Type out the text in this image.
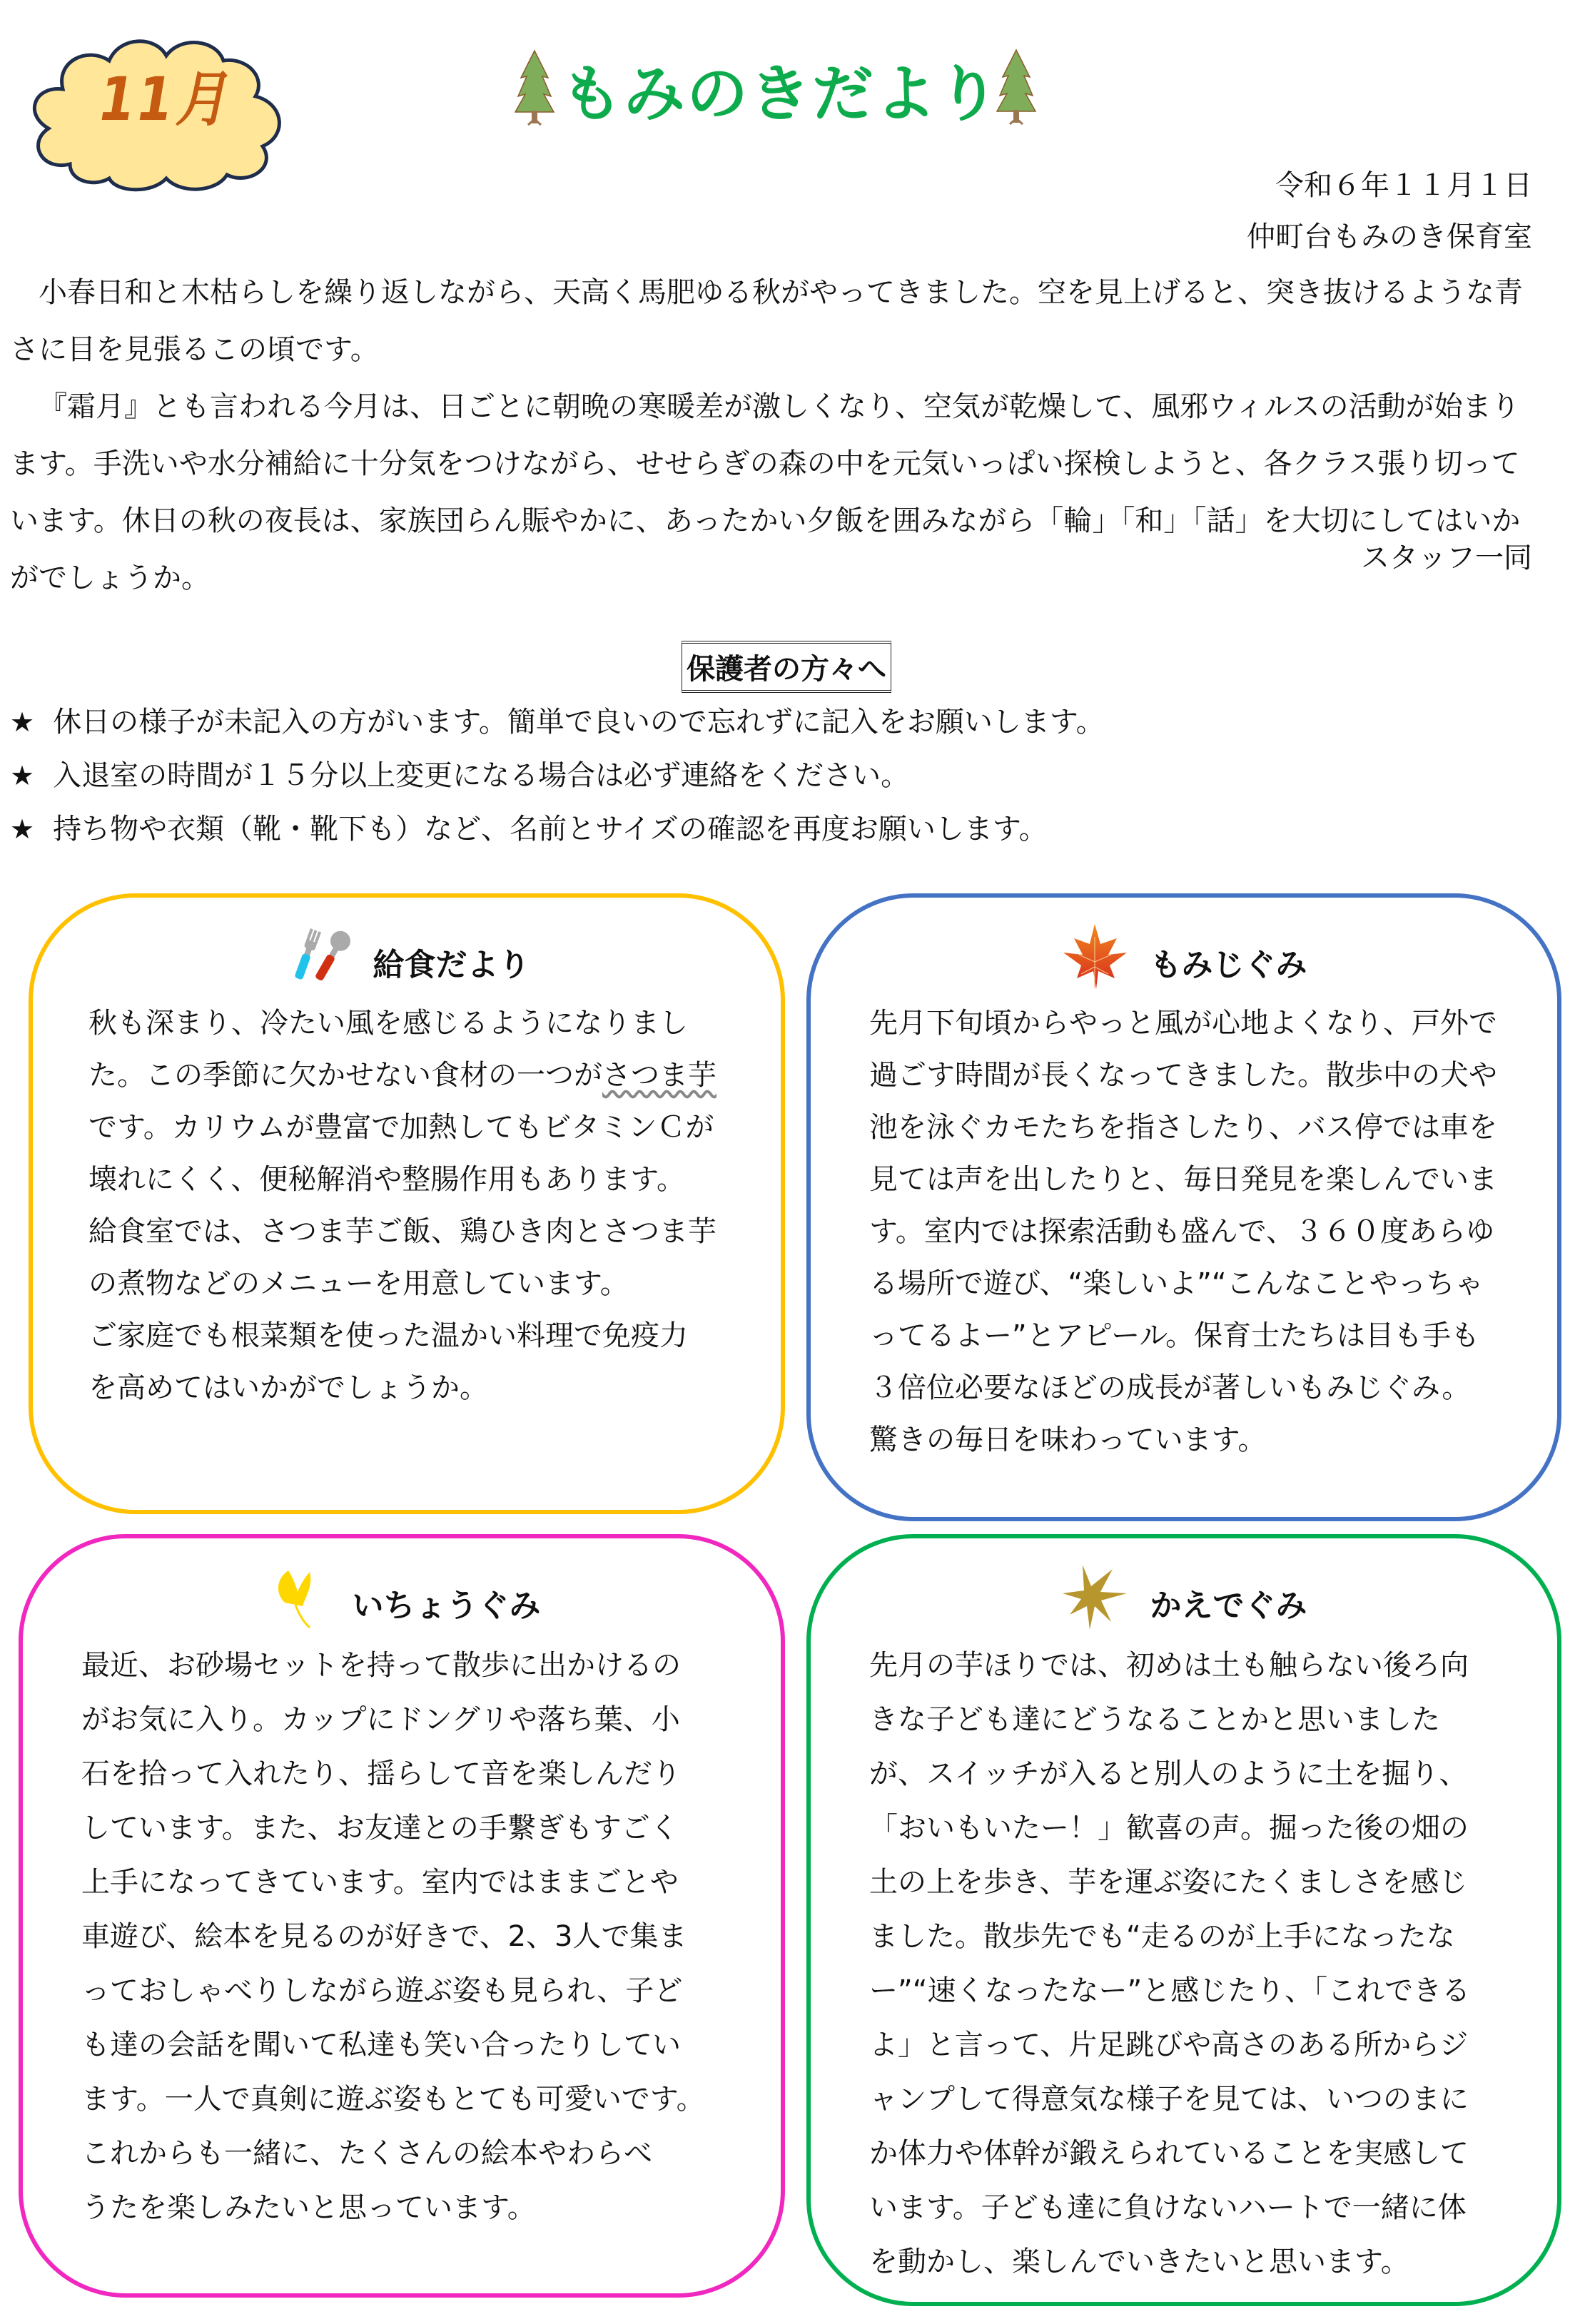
11月	もみのきだより
令和６年１１月１日
仲町台もみのき保育室

小春日和と木枯らしを繰り返しながら、天高く馬肥ゆる秋がやってきました。空を見上げると、突き抜けるような青さに目を見張るこの頃です。

『霜月』とも言われる今月は、日ごとに朝晩の寒暖差が激しくなり、空気が乾燥して、風邪ウィルスの活動が始まります。手洗いや水分補給に十分気をつけながら、せせらぎの森の中を元気いっぱい探検しようと、各クラス張り切っています。休日の秋の夜長は、家族団らん賑やかに、あったかい夕飯を囲みながら「輪」「和」「話」を大切にしてはいかがでしょうか。

スタッフ一同
保護者の方々へ
★ 休日の様子が未記入の方がいます。簡単で良いので忘れずに記入をお願いします。
★ 入退室の時間が１５分以上変更になる場合は必ず連絡をください。
★ 持ち物や衣類（靴・靴下も）など、名前とサイズの確認を再度お願いします。
給食だより
秋も深まり、冷たい風を感じるようになりまし
た。この季節に欠かせない食材の一つがさつま芋
です。カリウムが豊富で加熱してもビタミンＣが
壊れにくく、便秘解消や整腸作用もあります。
給食室では、さつま芋ご飯、鶏ひき肉とさつま芋
の煮物などのメニューを用意しています。
ご家庭でも根菜類を使った温かい料理で免疫力
を高めてはいかがでしょうか。
もみじぐみ
先月下旬頃からやっと風が心地よくなり、戸外で
過ごす時間が長くなってきました。散歩中の犬や
池を泳ぐカモたちを指さしたり、バス停では車を
見ては声を出したりと、毎日発見を楽しんでいま
す。室内では探索活動も盛んで、３６０度あらゆ
る場所で遊び、“楽しいよ”“こんなことやっちゃ
ってるよー”とアピール。保育士たちは目も手も
３倍位必要なほどの成長が著しいもみじぐみ。
驚きの毎日を味わっています。
いちょうぐみ
最近、お砂場セットを持って散歩に出かけるの
がお気に入り。カップにドングリや落ち葉、小
石を拾って入れたり、揺らして音を楽しんだり
しています。また、お友達との手繋ぎもすごく
上手になってきています。室内ではままごとや
車遊び、絵本を見るのが好きで、2、3人で集ま
っておしゃべりしながら遊ぶ姿も見られ、子ど
も達の会話を聞いて私達も笑い合ったりしてい
ます。一人で真剣に遊ぶ姿もとても可愛いです。
これからも一緒に、たくさんの絵本やわらべ
うたを楽しみたいと思っています。
かえでぐみ
先月の芋ほりでは、初めは土も触らない後ろ向
きな子ども達にどうなることかと思いました
が、スイッチが入ると別人のように土を掘り、
「おいもいたー！」歓喜の声。掘った後の畑の
土の上を歩き、芋を運ぶ姿にたくましさを感じ
ました。散歩先でも“走るのが上手になったな
ー”“速くなったなー”と感じたり、「これできる
よ」と言って、片足跳びや高さのある所からジ
ャンプして得意気な様子を見ては、いつのまに
か体力や体幹が鍛えられていることを実感して
います。子ども達に負けないハートで一緒に体
を動かし、楽しんでいきたいと思います。
